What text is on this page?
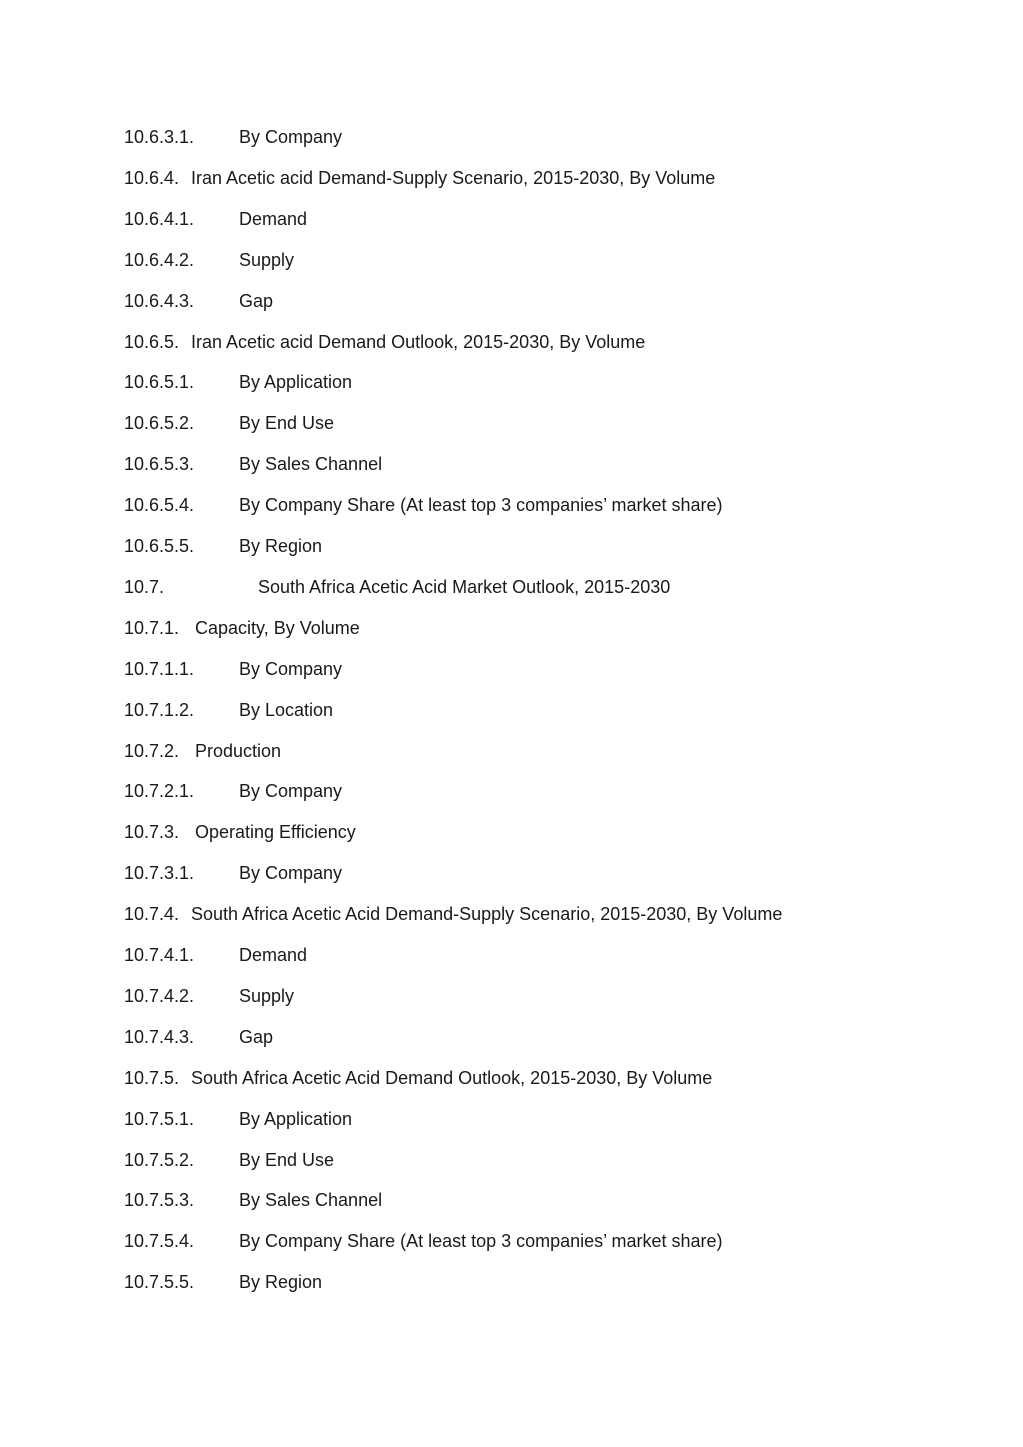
10.6.3.1. By Company
10.6.4. Iran Acetic acid Demand-Supply Scenario, 2015-2030, By Volume
10.6.4.1. Demand
10.6.4.2. Supply
10.6.4.3. Gap
10.6.5. Iran Acetic acid Demand Outlook, 2015-2030, By Volume
10.6.5.1. By Application
10.6.5.2. By End Use
10.6.5.3. By Sales Channel
10.6.5.4. By Company Share (At least top 3 companies’ market share)
10.6.5.5. By Region
10.7.	South Africa Acetic Acid Market Outlook, 2015-2030
10.7.1. Capacity, By Volume
10.7.1.1. By Company
10.7.1.2. By Location
10.7.2. Production
10.7.2.1. By Company
10.7.3. Operating Efficiency
10.7.3.1. By Company
10.7.4. South Africa Acetic Acid Demand-Supply Scenario, 2015-2030, By Volume
10.7.4.1. Demand
10.7.4.2. Supply
10.7.4.3. Gap
10.7.5. South Africa Acetic Acid Demand Outlook, 2015-2030, By Volume
10.7.5.1. By Application
10.7.5.2. By End Use
10.7.5.3. By Sales Channel
10.7.5.4. By Company Share (At least top 3 companies’ market share)
10.7.5.5. By Region
